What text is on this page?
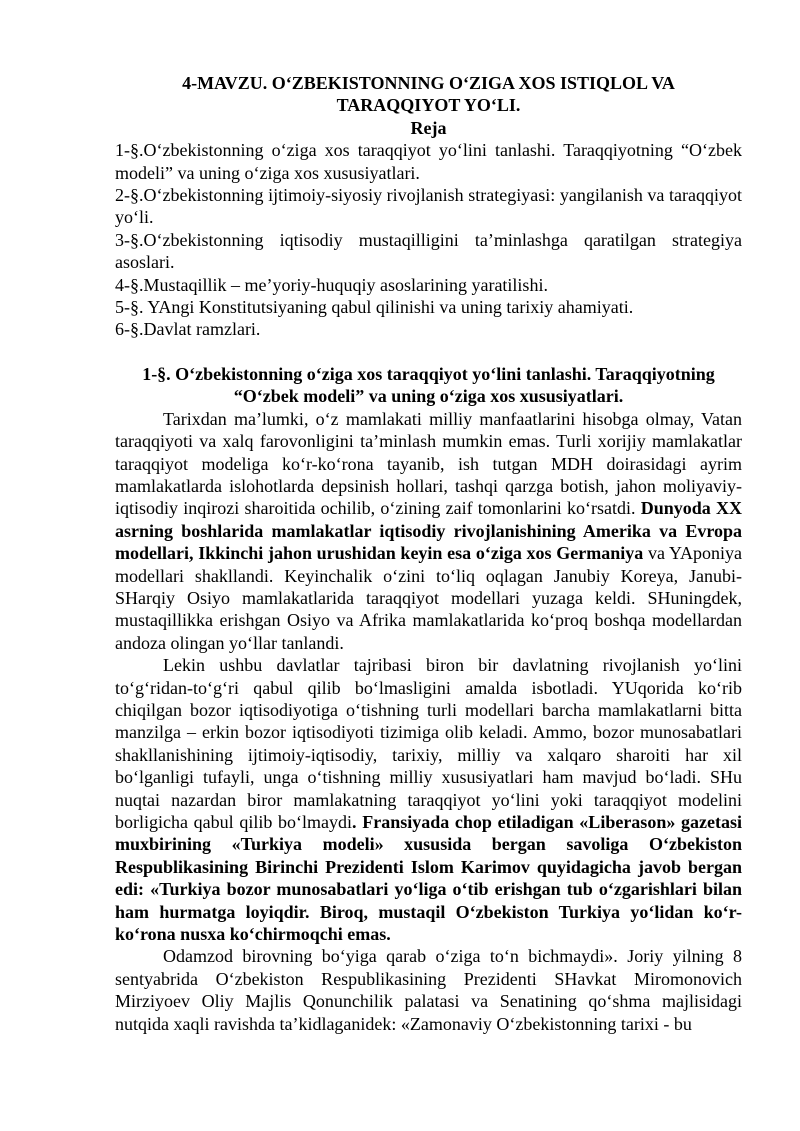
4-MAVZU. O‘ZBEKISTONNING O‘ZIGA XOS ISTIQLOL VA
TARAQQIYOT YO‘LI.

Reja

1-§.O‘zbekistonning o‘ziga xos taraqqiyot yo‘lini tanlashi. Taraqqiyotning “O‘zbek modeli” va uning o‘ziga xos xususiyatlari.
2-§.O‘zbekistonning ijtimoiy-siyosiy rivojlanish strategiyasi: yangilanish va taraqqiyot yo‘li.
3-§.O‘zbekistonning iqtisodiy mustaqilligini ta’minlashga qaratilgan strategiya asoslari.
4-§.Mustaqillik – me’yoriy-huquqiy asoslarining yaratilishi.
5-§. YAngi Konstitutsiyaning qabul qilinishi va uning tarixiy ahamiyati.
6-§.Davlat ramzlari.

1-§. O‘zbekistonning o‘ziga xos taraqqiyot yo‘lini tanlashi. Taraqqiyotning “O‘zbek modeli” va uning o‘ziga xos xususiyatlari.

Tarixdan ma’lumki, o‘z mamlakati milliy manfaatlarini hisobga olmay, Vatan taraqqiyoti va xalq farovonligini ta’minlash mumkin emas. Turli xorijiy mamlakatlar taraqqiyot modeliga ko‘r-ko‘rona tayanib, ish tutgan MDH doirasidagi ayrim mamlakatlarda islohotlarda depsinish hollari, tashqi qarzga botish, jahon moliyaviy-iqtisodiy inqirozi sharoitida ochilib, o‘zining zaif tomonlarini ko‘rsatdi. Dunyoda XX asrning boshlarida mamlakatlar iqtisodiy rivojlanishining Amerika va Evropa modellari, Ikkinchi jahon urushidan keyin esa o‘ziga xos Germaniya va YAponiya modellari shakllandi. Keyinchalik o‘zini to‘liq oqlagan Janubiy Koreya, Janubi-SHarqiy Osiyo mamlakatlarida taraqqiyot modellari yuzaga keldi. SHuningdek, mustaqillikka erishgan Osiyo va Afrika mamlakatlarida ko‘proq boshqa modellardan andoza olingan yo‘llar tanlandi.

Lekin ushbu davlatlar tajribasi biron bir davlatning rivojlanish yo‘lini to‘g‘ridan-to‘g‘ri qabul qilib bo‘lmasligini amalda isbotladi. YUqorida ko‘rib chiqilgan bozor iqtisodiyotiga o‘tishning turli modellari barcha mamlakatlarni bitta manzilga – erkin bozor iqtisodiyoti tizimiga olib keladi. Ammo, bozor munosabatlari shakllanishining ijtimoiy-iqtisodiy, tarixiy, milliy va xalqaro sharoiti har xil bo‘lganligi tufayli, unga o‘tishning milliy xususiyatlari ham mavjud bo‘ladi. SHu nuqtai nazardan biror mamlakatning taraqqiyot yo‘lini yoki taraqqiyot modelini borligicha qabul qilib bo‘lmaydi. Fransiyada chop etiladigan «Liberason» gazetasi muxbirining «Turkiya modeli» xususida bergan savoliga O‘zbekiston Respublikasining Birinchi Prezidenti Islom Karimov quyidagicha javob bergan edi: «Turkiya bozor munosabatlari yo‘liga o‘tib erishgan tub o‘zgarishlari bilan ham hurmatga loyiqdir. Biroq, mustaqil O‘zbekiston Turkiya yo‘lidan ko‘r-ko‘rona nusxa ko‘chirmoqchi emas.

Odamzod birovning bo‘yiga qarab o‘ziga to‘n bichmaydi». Joriy yilning 8 sentyabrida O‘zbekiston Respublikasining Prezidenti SHavkat Miromonovich Mirziyoev Oliy Majlis Qonunchilik palatasi va Senatining qo‘shma majlisidagi nutqida xaqli ravishda ta’kidlaganidek: «Zamonaviy O‘zbekistonning tarixi - bu
